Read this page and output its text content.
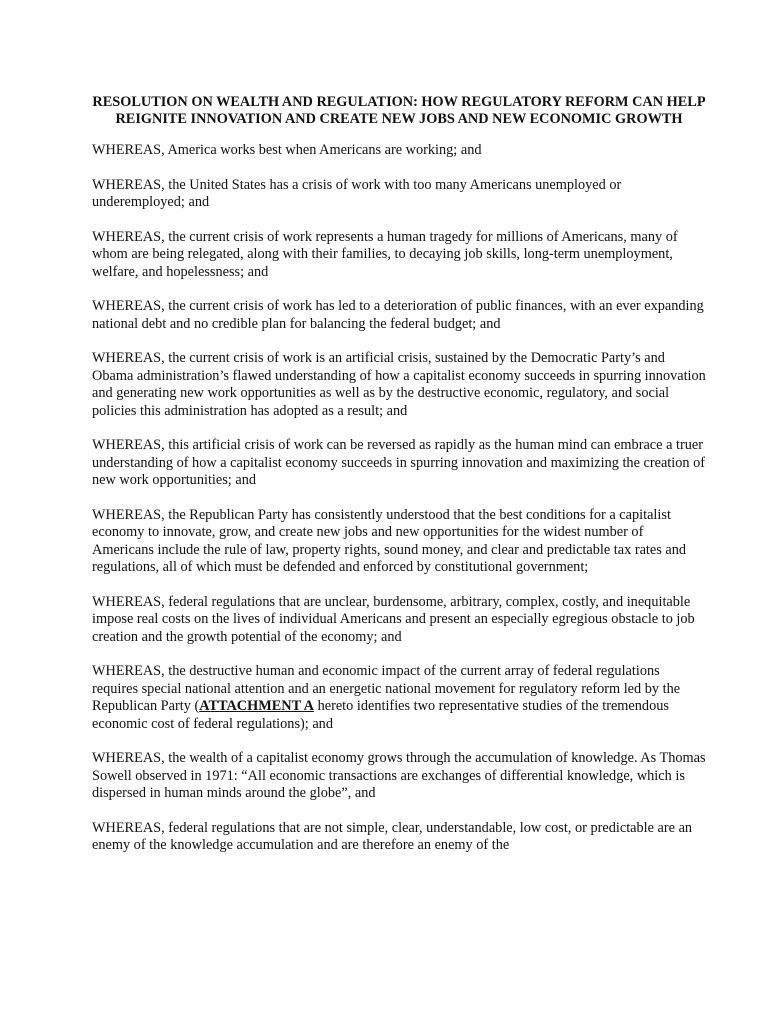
RESOLUTION ON WEALTH AND REGULATION: HOW REGULATORY REFORM CAN HELP REIGNITE INNOVATION AND CREATE NEW JOBS AND NEW ECONOMIC GROWTH

WHEREAS, America works best when Americans are working; and

WHEREAS, the United States has a crisis of work with too many Americans unemployed or underemployed; and

WHEREAS, the current crisis of work represents a human tragedy for millions of Americans, many of whom are being relegated, along with their families, to decaying job skills, long-term unemployment, welfare, and hopelessness; and

WHEREAS, the current crisis of work has led to a deterioration of public finances, with an ever expanding national debt and no credible plan for balancing the federal budget; and

WHEREAS, the current crisis of work is an artificial crisis, sustained by the Democratic Party’s and Obama administration’s flawed understanding of how a capitalist economy succeeds in spurring innovation and generating new work opportunities as well as by the destructive economic, regulatory, and social policies this administration has adopted as a result; and

WHEREAS, this artificial crisis of work can be reversed as rapidly as the human mind can embrace a truer understanding of how a capitalist economy succeeds in spurring innovation and maximizing the creation of new work opportunities; and

WHEREAS, the Republican Party has consistently understood that the best conditions for a capitalist economy to innovate, grow, and create new jobs and new opportunities for the widest number of Americans include the rule of law, property rights, sound money, and clear and predictable tax rates and regulations, all of which must be defended and enforced by constitutional government;

WHEREAS, federal regulations that are unclear, burdensome, arbitrary, complex, costly, and inequitable impose real costs on the lives of individual Americans and present an especially egregious obstacle to job creation and the growth potential of the economy; and

WHEREAS, the destructive human and economic impact of the current array of federal regulations requires special national attention and an energetic national movement for regulatory reform led by the Republican Party (ATTACHMENT A hereto identifies two representative studies of the tremendous economic cost of federal regulations); and

WHEREAS, the wealth of a capitalist economy grows through the accumulation of knowledge. As Thomas Sowell observed in 1971: “All economic transactions are exchanges of differential knowledge, which is dispersed in human minds around the globe”, and

WHEREAS, federal regulations that are not simple, clear, understandable, low cost, or predictable are an enemy of the knowledge accumulation and are therefore an enemy of the
